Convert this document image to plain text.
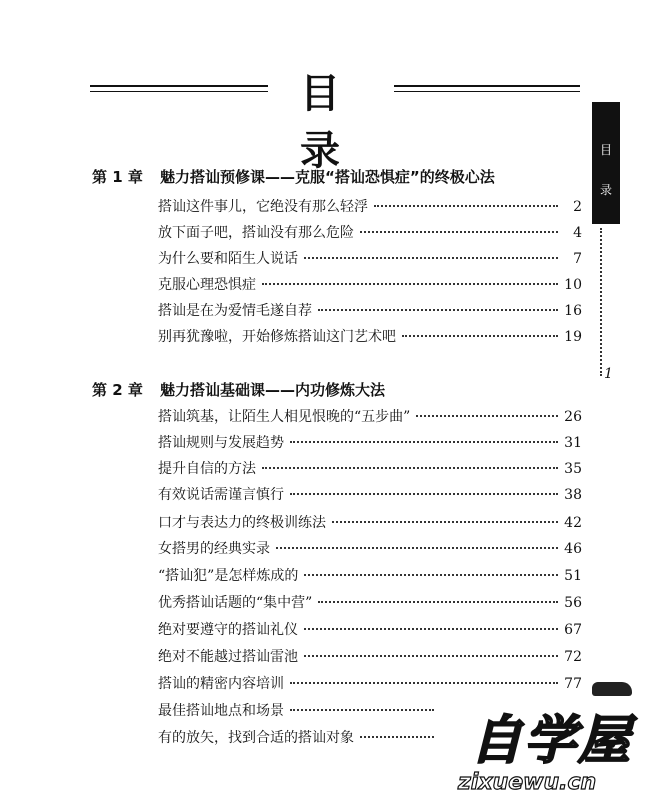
目 录	目
录
1
第 1 章 魅力搭讪预修课——克服“搭讪恐惧症”的终极心法
搭讪这件事儿，它绝没有那么轻浮	2
放下面子吧，搭讪没有那么危险	4
为什么要和陌生人说话	7
克服心理恐惧症	10
搭讪是在为爱情毛遂自荐	16
别再犹豫啦，开始修炼搭讪这门艺术吧	19
第 2 章 魅力搭讪基础课——内功修炼大法
搭讪筑基，让陌生人相见恨晚的“五步曲”	26
搭讪规则与发展趋势	31
提升自信的方法	35
有效说话需谨言慎行	38
口才与表达力的终极训练法	42
女搭男的经典实录	46
“搭讪犯”是怎样炼成的	51
优秀搭讪话题的“集中营”	56
绝对要遵守的搭讪礼仪	67
绝对不能越过搭讪雷池	72
搭讪的精密内容培训	77
最佳搭讪地点和场景
有的放矢，找到合适的搭讪对象 自学屋
zixuewu.cn
